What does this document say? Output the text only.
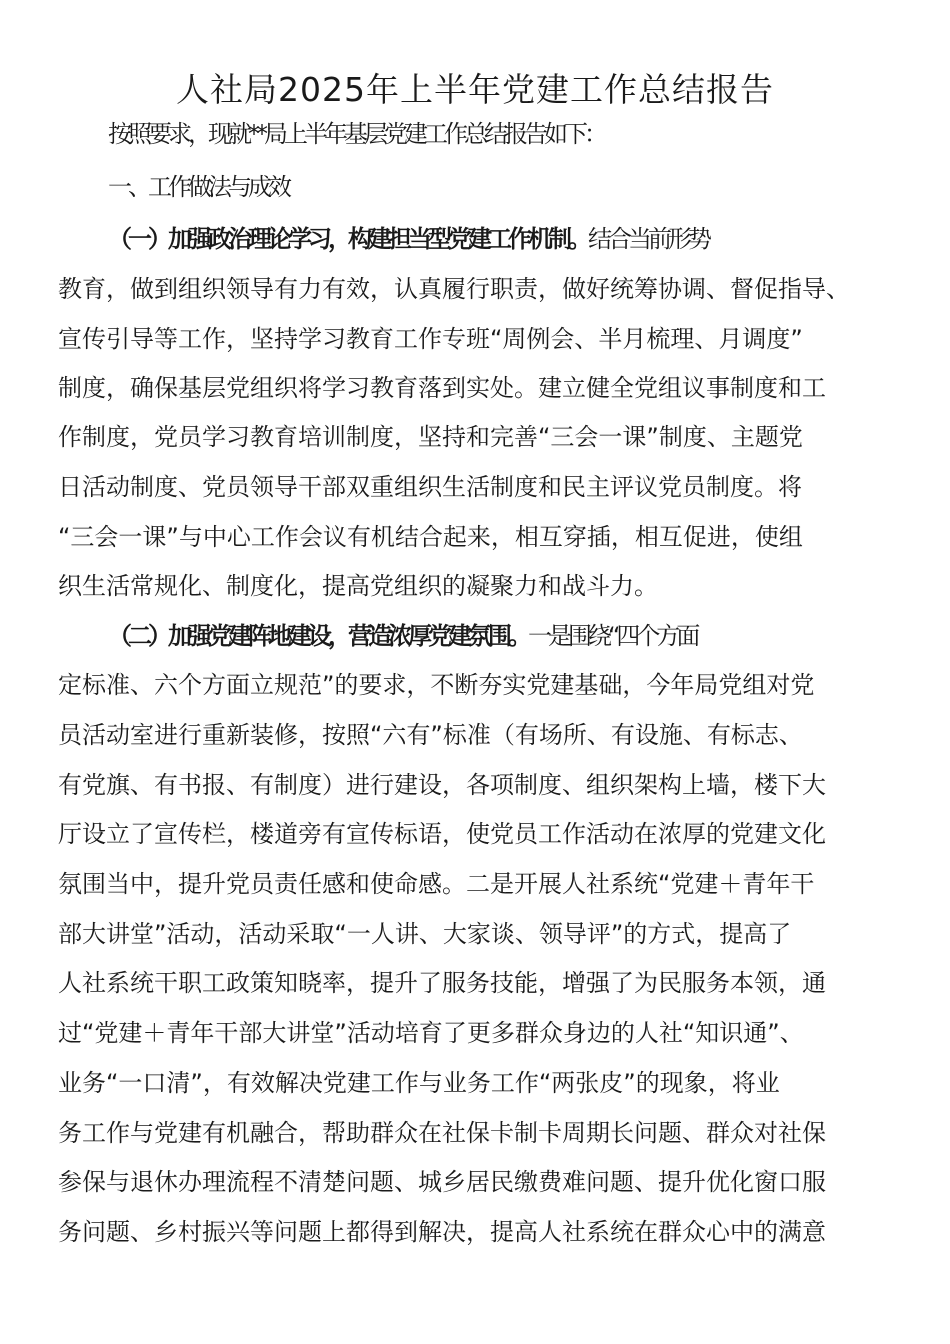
人社局2025年上半年党建工作总结报告

按照要求，现就**局上半年基层党建工作总结报告如下：

一、工作做法与成效

（一）加强政治理论学习，构建担当型党建工作机制。结合当前形势

教育，做到组织领导有力有效，认真履行职责，做好统筹协调、督促指导、

宣传引导等工作，坚持学习教育工作专班“周例会、半月梳理、月调度”

制度，确保基层党组织将学习教育落到实处。建立健全党组议事制度和工

作制度，党员学习教育培训制度，坚持和完善“三会一课”制度、主题党

日活动制度、党员领导干部双重组织生活制度和民主评议党员制度。将

“三会一课”与中心工作会议有机结合起来，相互穿插，相互促进，使组

织生活常规化、制度化，提高党组织的凝聚力和战斗力。

（二）加强党建阵地建设，营造浓厚党建氛围。一是围绕“四个方面

定标准、六个方面立规范”的要求，不断夯实党建基础，今年局党组对党

员活动室进行重新装修，按照“六有”标准（有场所、有设施、有标志、

有党旗、有书报、有制度）进行建设，各项制度、组织架构上墙，楼下大

厅设立了宣传栏，楼道旁有宣传标语，使党员工作活动在浓厚的党建文化

氛围当中，提升党员责任感和使命感。二是开展人社系统“党建＋青年干

部大讲堂”活动，活动采取“一人讲、大家谈、领导评”的方式，提高了

人社系统干职工政策知晓率，提升了服务技能，增强了为民服务本领，通

过“党建＋青年干部大讲堂”活动培育了更多群众身边的人社“知识通”、

业务“一口清”，有效解决党建工作与业务工作“两张皮”的现象，将业

务工作与党建有机融合，帮助群众在社保卡制卡周期长问题、群众对社保

参保与退休办理流程不清楚问题、城乡居民缴费难问题、提升优化窗口服

务问题、乡村振兴等问题上都得到解决，提高人社系统在群众心中的满意
